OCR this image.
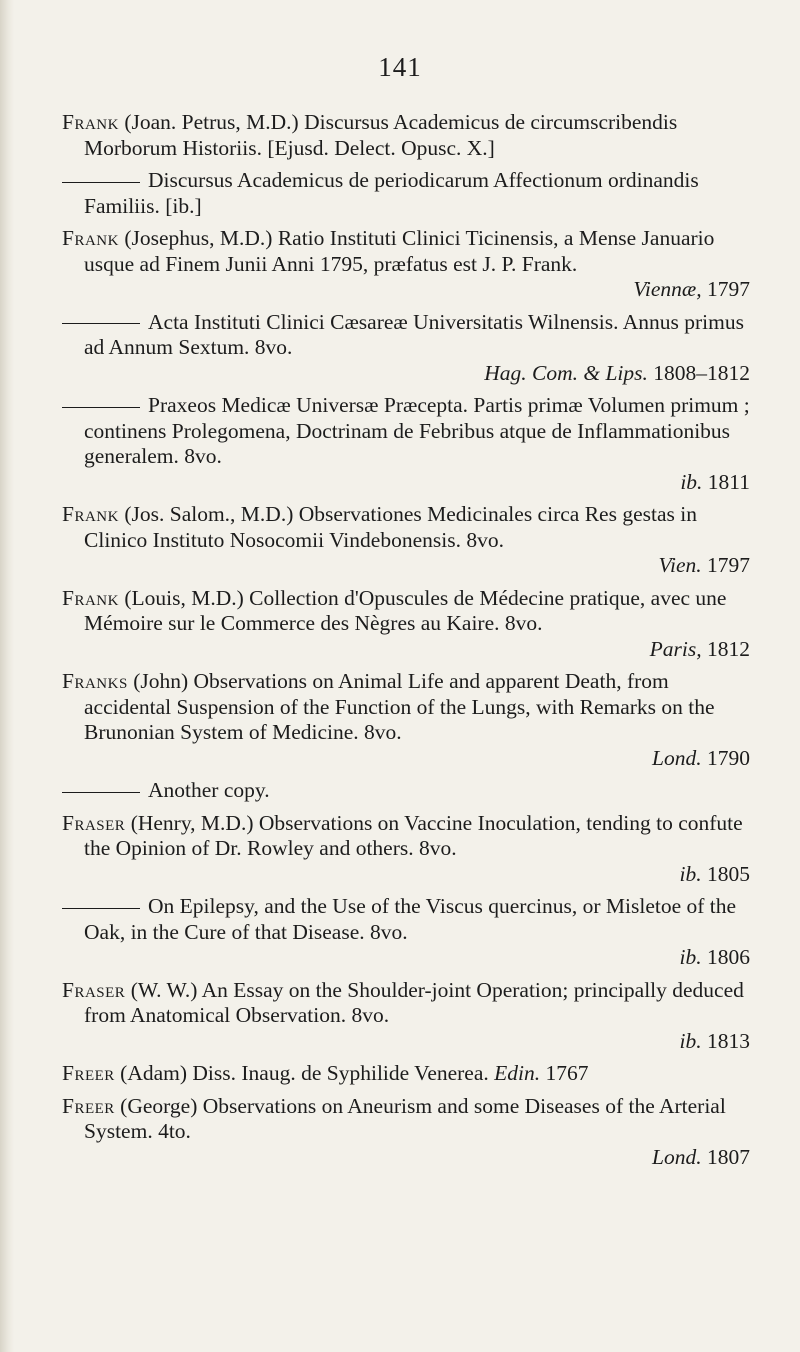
141
Frank (Joan. Petrus, M.D.) Discursus Academicus de circumscribendis Morborum Historiis. [Ejusd. Delect. Opusc. X.]
Discursus Academicus de periodicarum Affectionum ordinandis Familiis. [ib.]
Frank (Josephus, M.D.) Ratio Instituti Clinici Ticinensis, a Mense Januario usque ad Finem Junii Anni 1795, præfatus est J. P. Frank.
Viennæ, 1797
Acta Instituti Clinici Cæsareæ Universitatis Wilnensis. Annus primus ad Annum Sextum. 8vo.
Hag. Com. & Lips. 1808–1812
Praxeos Medicæ Universæ Præcepta. Partis primæ Volumen primum ; continens Prolegomena, Doctrinam de Febribus atque de Inflammationibus generalem. 8vo.
ib. 1811
Frank (Jos. Salom., M.D.) Observationes Medicinales circa Res gestas in Clinico Instituto Nosocomii Vindebonensis. 8vo.
Vien. 1797
Frank (Louis, M.D.) Collection d'Opuscules de Médecine pratique, avec une Mémoire sur le Commerce des Nègres au Kaire. 8vo.
Paris, 1812
Franks (John) Observations on Animal Life and apparent Death, from accidental Suspension of the Function of the Lungs, with Remarks on the Brunonian System of Medicine. 8vo.
Lond. 1790
Another copy.
Fraser (Henry, M.D.) Observations on Vaccine Inoculation, tending to confute the Opinion of Dr. Rowley and others. 8vo.
ib. 1805
On Epilepsy, and the Use of the Viscus quercinus, or Misletoe of the Oak, in the Cure of that Disease. 8vo.
ib. 1806
Fraser (W. W.) An Essay on the Shoulder-joint Operation; principally deduced from Anatomical Observation. 8vo.
ib. 1813
Freer (Adam) Diss. Inaug. de Syphilide Venerea. Edin. 1767
Freer (George) Observations on Aneurism and some Diseases of the Arterial System. 4to.
Lond. 1807
